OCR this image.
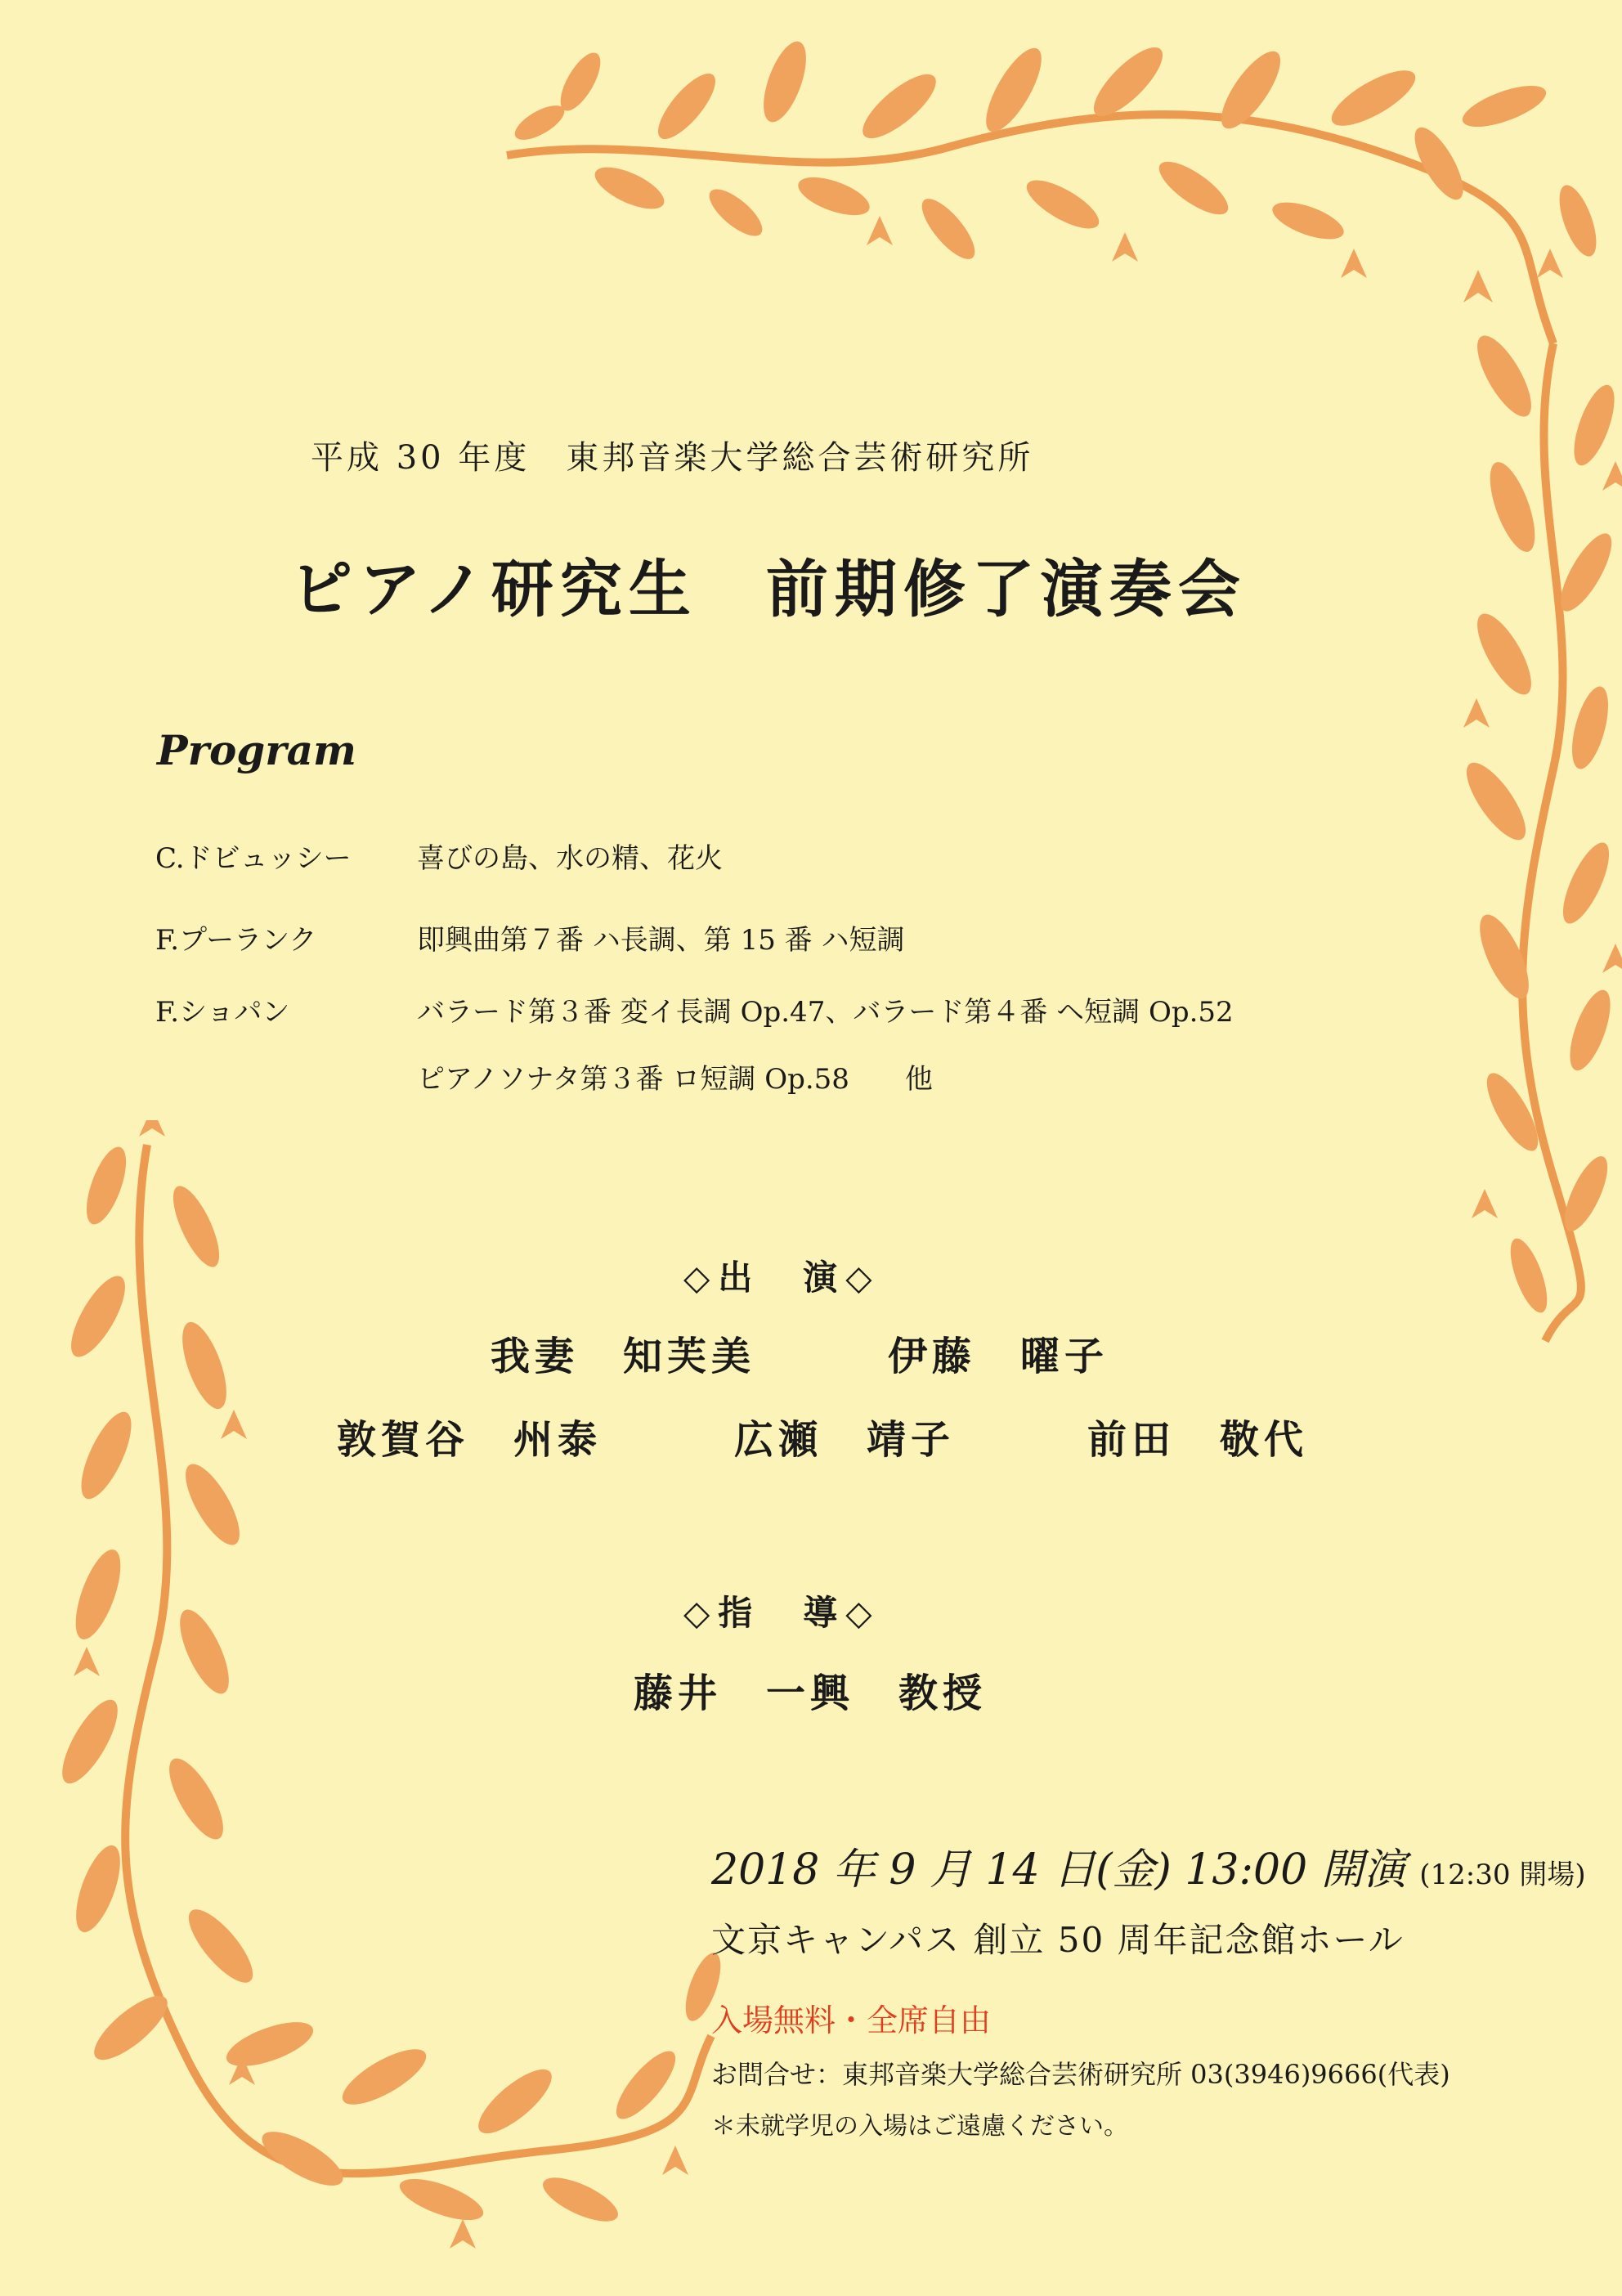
平成 30 年度　東邦音楽大学総合芸術研究所
ピアノ研究生　前期修了演奏会
Program
C.ドビュッシー 喜びの島、水の精、花火
F.プーランク	即興曲第７番 ハ長調、第 15 番 ハ短調
F.ショパン	バラード第３番 変イ長調 Op.47、バラード第４番 ヘ短調 Op.52
ピアノソナタ第３番 ロ短調 Op.58　　他
◇出　演◇
我妻　知芙美　　　伊藤　曜子
敦賀谷　州泰　　　広瀬　靖子　　　前田　敬代
◇指　導◇
藤井　一興　教授
2018 年 9 月 14 日(金) 13:00 開演 (12:30 開場)
文京キャンパス 創立 50 周年記念館ホール
入場無料・全席自由
お問合せ：東邦音楽大学総合芸術研究所 03(3946)9666(代表)
＊未就学児の入場はご遠慮ください。
